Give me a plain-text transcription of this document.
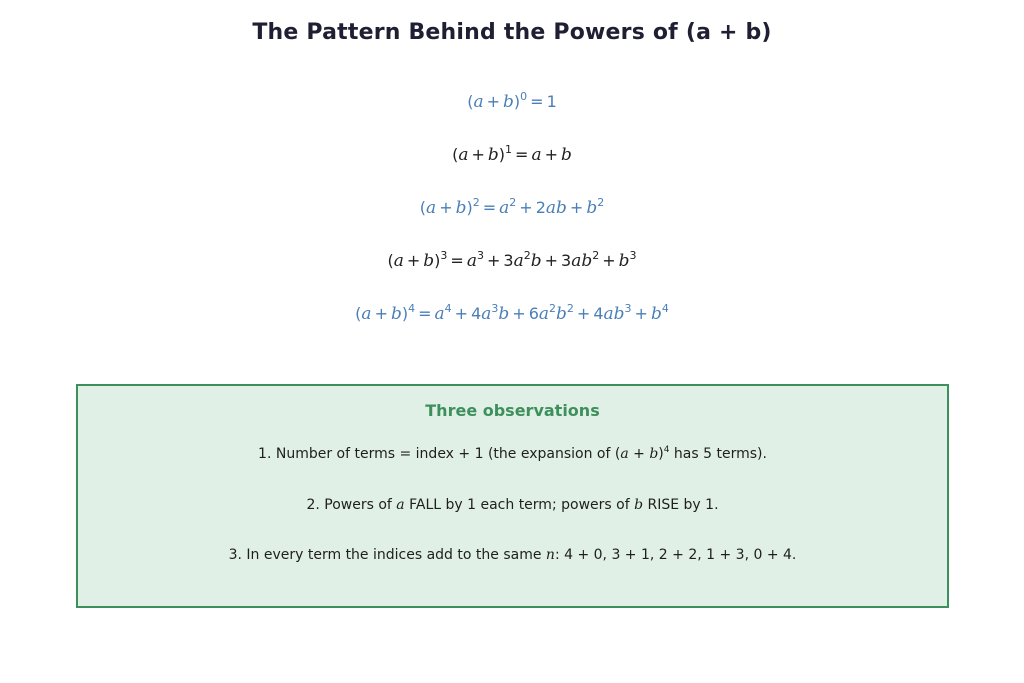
The Pattern Behind the Powers of (a + b)
$(a + b)^0 = 1$
$(a + b)^1 = a + b$
$(a + b)^2 = a^2 + 2ab + b^2$
$(a + b)^3 = a^3 + 3a^2b + 3ab^2 + b^3$
$(a + b)^4 = a^4 + 4a^3b + 6a^2b^2 + 4ab^3 + b^4$
Three observations
1. Number of terms = index + 1 (the expansion of $(a + b)^4$ has 5 terms).
2. Powers of a FALL by 1 each term; powers of b RISE by 1.
3. In every term the indices add to the same n: 4 + 0, 3 + 1, 2 + 2, 1 + 3, 0 + 4.
